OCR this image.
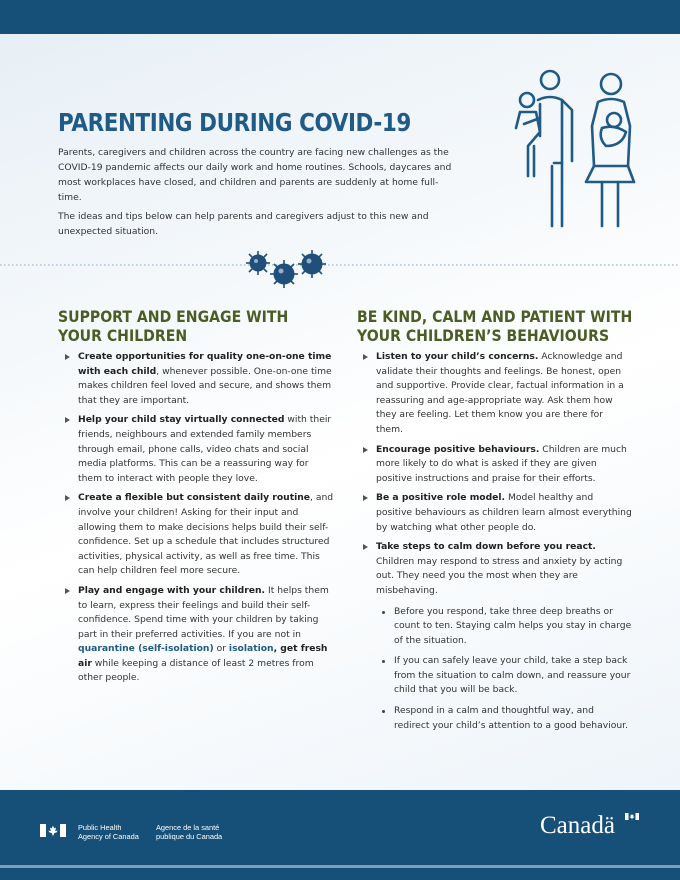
PARENTING DURING COVID-19

Parents, caregivers and children across the country are facing new challenges as the COVID-19 pandemic affects our daily work and home routines. Schools, daycares and most workplaces have closed, and children and parents are suddenly at home full-time.

The ideas and tips below can help parents and caregivers adjust to this new and unexpected situation.

SUPPORT AND ENGAGE WITH
YOUR CHILDREN
Create opportunities for quality one-on-one time with each child, whenever possible. One-on-one time makes children feel loved and secure, and shows them that they are important.
Help your child stay virtually connected with their friends, neighbours and extended family members through email, phone calls, video chats and social media platforms. This can be a reassuring way for them to interact with people they love.
Create a flexible but consistent daily routine, and involve your children! Asking for their input and allowing them to make decisions helps build their self-confidence. Set up a schedule that includes structured activities, physical activity, as well as free time. This can help children feel more secure.
Play and engage with your children. It helps them to learn, express their feelings and build their self-confidence. Spend time with your children by taking part in their preferred activities. If you are not in quarantine (self-isolation) or isolation, get fresh air while keeping a distance of least 2 metres from other people.
BE KIND, CALM AND PATIENT WITH
YOUR CHILDREN’S BEHAVIOURS
Listen to your child’s concerns. Acknowledge and validate their thoughts and feelings. Be honest, open and supportive. Provide clear, factual information in a reassuring and age-appropriate way. Ask them how they are feeling. Let them know you are there for them.
Encourage positive behaviours. Children are much more likely to do what is asked if they are given positive instructions and praise for their efforts.
Be a positive role model. Model healthy and positive behaviours as children learn almost everything by watching what other people do.
Take steps to calm down before you react. Children may respond to stress and anxiety by acting out. They need you the most when they are misbehaving.
Before you respond, take three deep breaths or count to ten. Staying calm helps you stay in charge of the situation.
If you can safely leave your child, take a step back from the situation to calm down, and reassure your child that you will be back.
Respond in a calm and thoughtful way, and redirect your child’s attention to a good behaviour.
Public Health
Agency of Canada
Agence de la santé
publique du Canada	Canadä
